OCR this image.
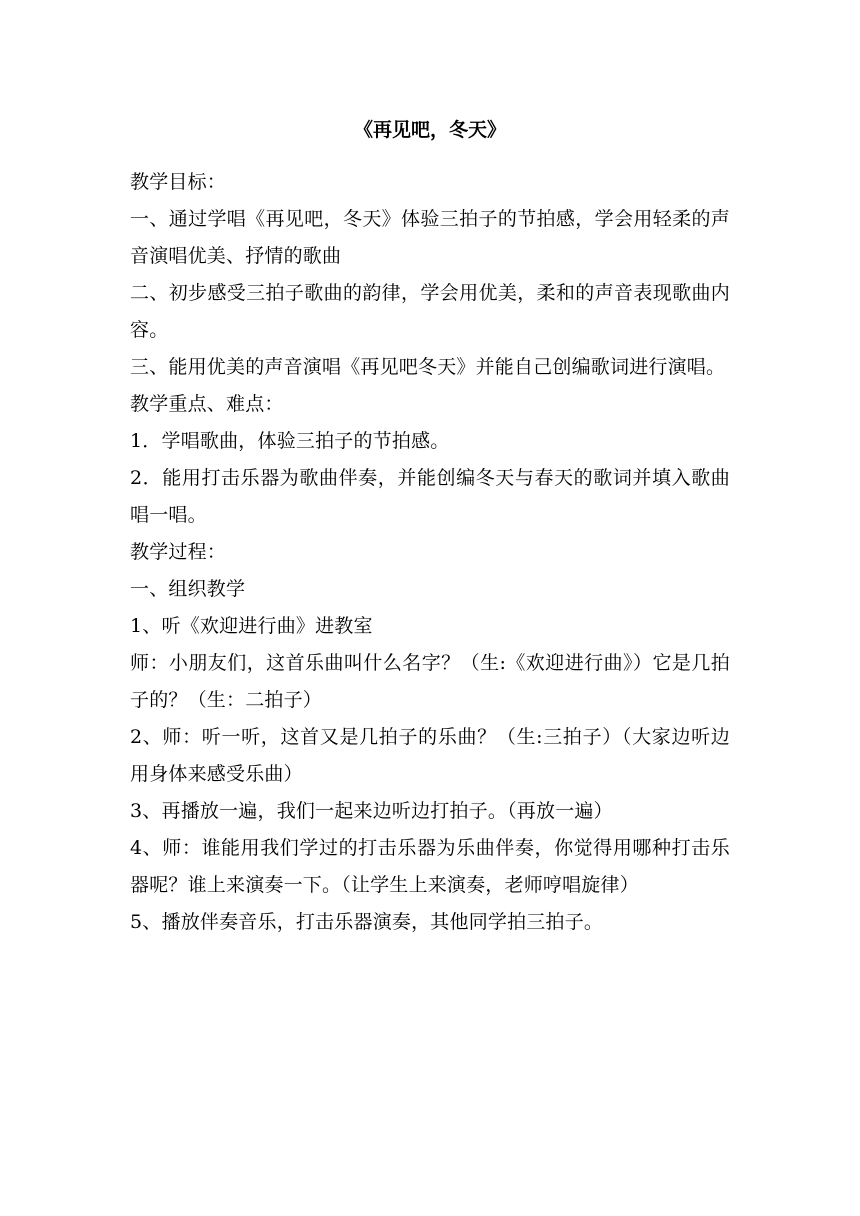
《再见吧，冬天》

教学目标：

一、通过学唱《再见吧，冬天》体验三拍子的节拍感，学会用轻柔的声音演唱优美、抒情的歌曲

二、初步感受三拍子歌曲的韵律，学会用优美，柔和的声音表现歌曲内容。

三、能用优美的声音演唱《再见吧冬天》并能自己创编歌词进行演唱。

教学重点、难点：

1．学唱歌曲，体验三拍子的节拍感。

2．能用打击乐器为歌曲伴奏，并能创编冬天与春天的歌词并填入歌曲唱一唱。

教学过程：

一、组织教学

1、听《欢迎进行曲》进教室

师：小朋友们，这首乐曲叫什么名字？（生:《欢迎进行曲》）它是几拍子的？（生：二拍子）

2、师：听一听，这首又是几拍子的乐曲？（生:三拍子）（大家边听边用身体来感受乐曲）

3、再播放一遍，我们一起来边听边打拍子。（再放一遍）

4、师：谁能用我们学过的打击乐器为乐曲伴奏，你觉得用哪种打击乐器呢？谁上来演奏一下。（让学生上来演奏，老师哼唱旋律）

5、播放伴奏音乐，打击乐器演奏，其他同学拍三拍子。
